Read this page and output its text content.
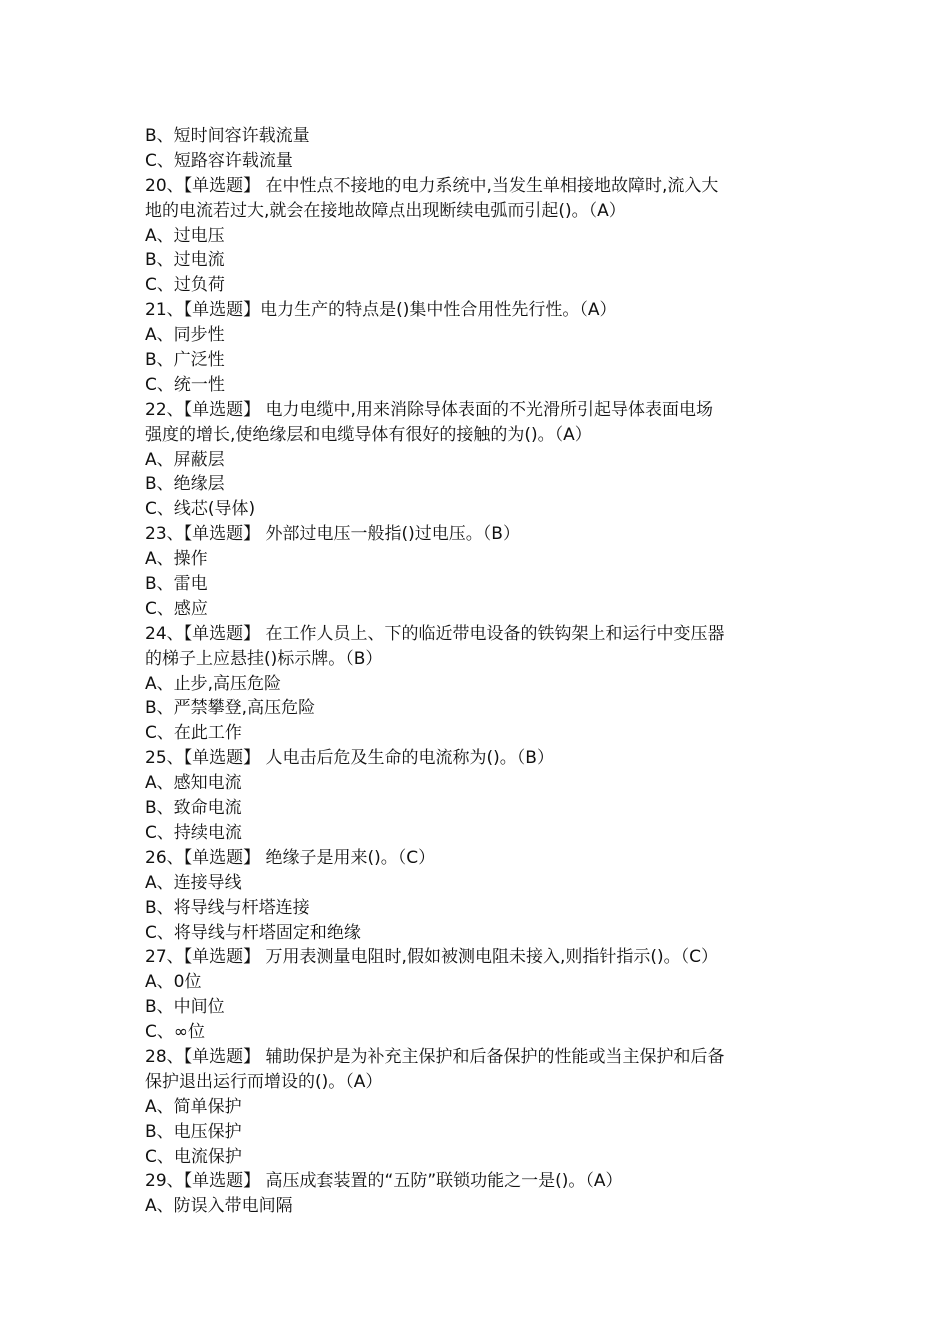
B、短时间容许载流量
C、短路容许载流量
20、【单选题】 在中性点不接地的电力系统中,当发生单相接地故障时,流入大
地的电流若过大,就会在接地故障点出现断续电弧而引起()。（A）
A、过电压
B、过电流
C、过负荷
21、【单选题】电力生产的特点是()集中性合用性先行性。（A）
A、同步性
B、广泛性
C、统一性
22、【单选题】 电力电缆中,用来消除导体表面的不光滑所引起导体表面电场
强度的增长,使绝缘层和电缆导体有很好的接触的为()。（A）
A、屏蔽层
B、绝缘层
C、线芯(导体)
23、【单选题】 外部过电压一般指()过电压。（B）
A、操作
B、雷电
C、感应
24、【单选题】 在工作人员上、下的临近带电设备的铁钩架上和运行中变压器
的梯子上应悬挂()标示牌。（B）
A、止步,高压危险
B、严禁攀登,高压危险
C、在此工作
25、【单选题】 人电击后危及生命的电流称为()。（B）
A、感知电流
B、致命电流
C、持续电流
26、【单选题】 绝缘子是用来()。（C）
A、连接导线
B、将导线与杆塔连接
C、将导线与杆塔固定和绝缘
27、【单选题】 万用表测量电阻时,假如被测电阻未接入,则指针指示()。（C）
A、0位
B、中间位
C、∞位
28、【单选题】 辅助保护是为补充主保护和后备保护的性能或当主保护和后备
保护退出运行而增设的()。（A）
A、简单保护
B、电压保护
C、电流保护
29、【单选题】 高压成套装置的“五防”联锁功能之一是()。（A）
A、防误入带电间隔
